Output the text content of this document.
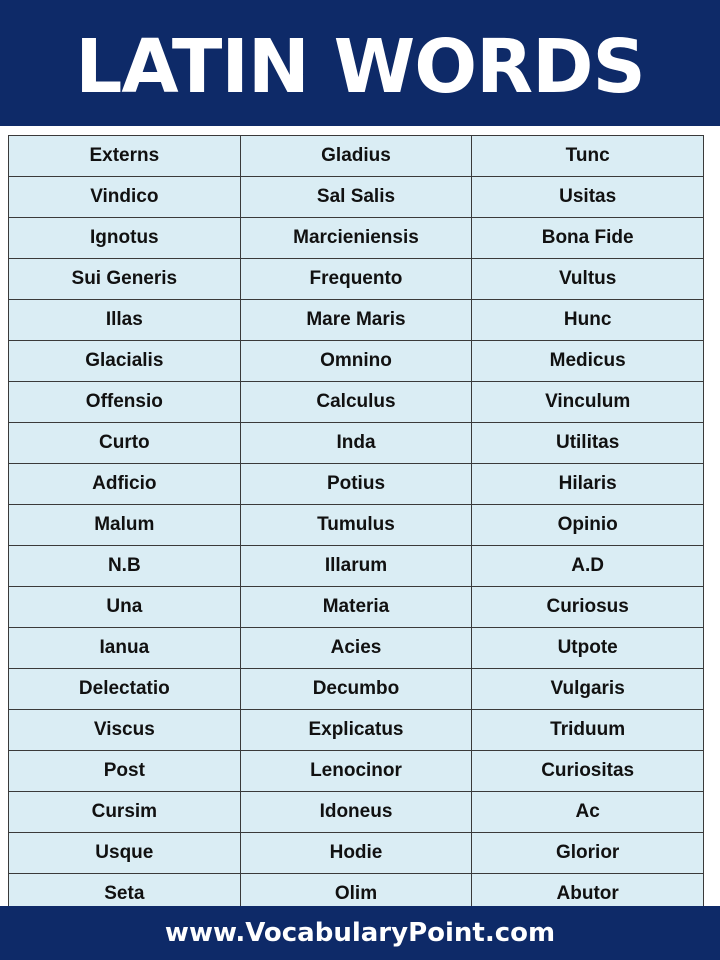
LATIN WORDS
Externs	Gladius	Tunc
Vindico	Sal Salis	Usitas
Ignotus	Marcieniensis	Bona Fide
Sui Generis	Frequento	Vultus
Illas	Mare Maris	Hunc
Glacialis	Omnino	Medicus
Offensio	Calculus	Vinculum
Curto	Inda	Utilitas
Adficio	Potius	Hilaris
Malum	Tumulus	Opinio
N.B	Illarum	A.D
Una	Materia	Curiosus
Ianua	Acies	Utpote
Delectatio	Decumbo	Vulgaris
Viscus	Explicatus	Triduum
Post	Lenocinor	Curiositas
Cursim	Idoneus	Ac
Usque	Hodie	Glorior
Seta	Olim	Abutor
www.VocabularyPoint.com
